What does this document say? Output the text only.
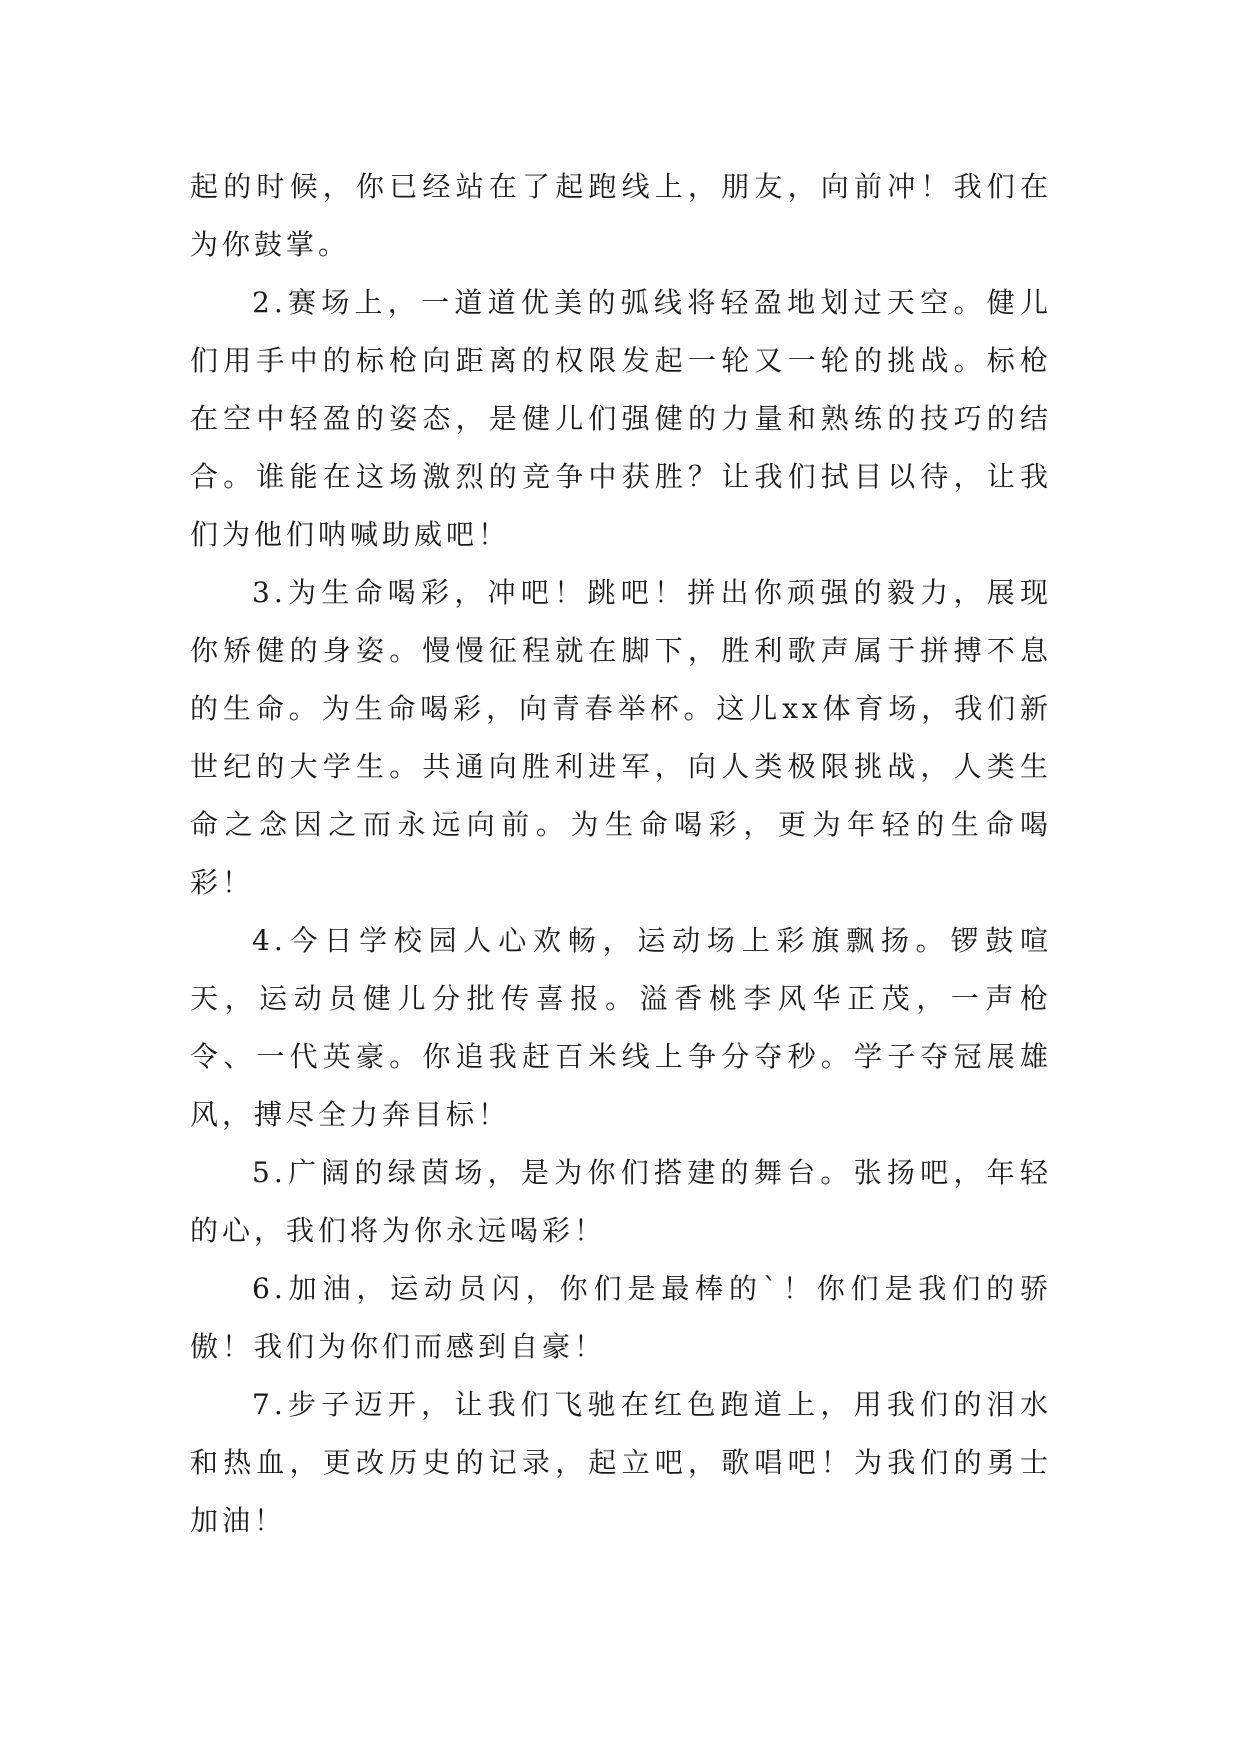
起的时候，你已经站在了起跑线上，朋友，向前冲！我们在为你鼓掌。

2.赛场上，一道道优美的弧线将轻盈地划过天空。健儿们用手中的标枪向距离的权限发起一轮又一轮的挑战。标枪在空中轻盈的姿态，是健儿们强健的力量和熟练的技巧的结合。谁能在这场激烈的竞争中获胜？让我们拭目以待，让我们为他们呐喊助威吧！

3.为生命喝彩，冲吧！跳吧！拼出你顽强的毅力，展现你矫健的身姿。慢慢征程就在脚下，胜利歌声属于拼搏不息的生命。为生命喝彩，向青春举杯。这儿xx体育场，我们新世纪的大学生。共通向胜利进军，向人类极限挑战，人类生命之念因之而永远向前。为生命喝彩，更为年轻的生命喝彩！

4.今日学校园人心欢畅，运动场上彩旗飘扬。锣鼓喧天，运动员健儿分批传喜报。溢香桃李风华正茂，一声枪令、一代英豪。你追我赶百米线上争分夺秒。学子夺冠展雄风，搏尽全力奔目标！

5.广阔的绿茵场，是为你们搭建的舞台。张扬吧，年轻的心，我们将为你永远喝彩！

6.加油，运动员闪，你们是最棒的`！你们是我们的骄傲！我们为你们而感到自豪！

7.步子迈开，让我们飞驰在红色跑道上，用我们的泪水和热血，更改历史的记录，起立吧，歌唱吧！为我们的勇士加油！
